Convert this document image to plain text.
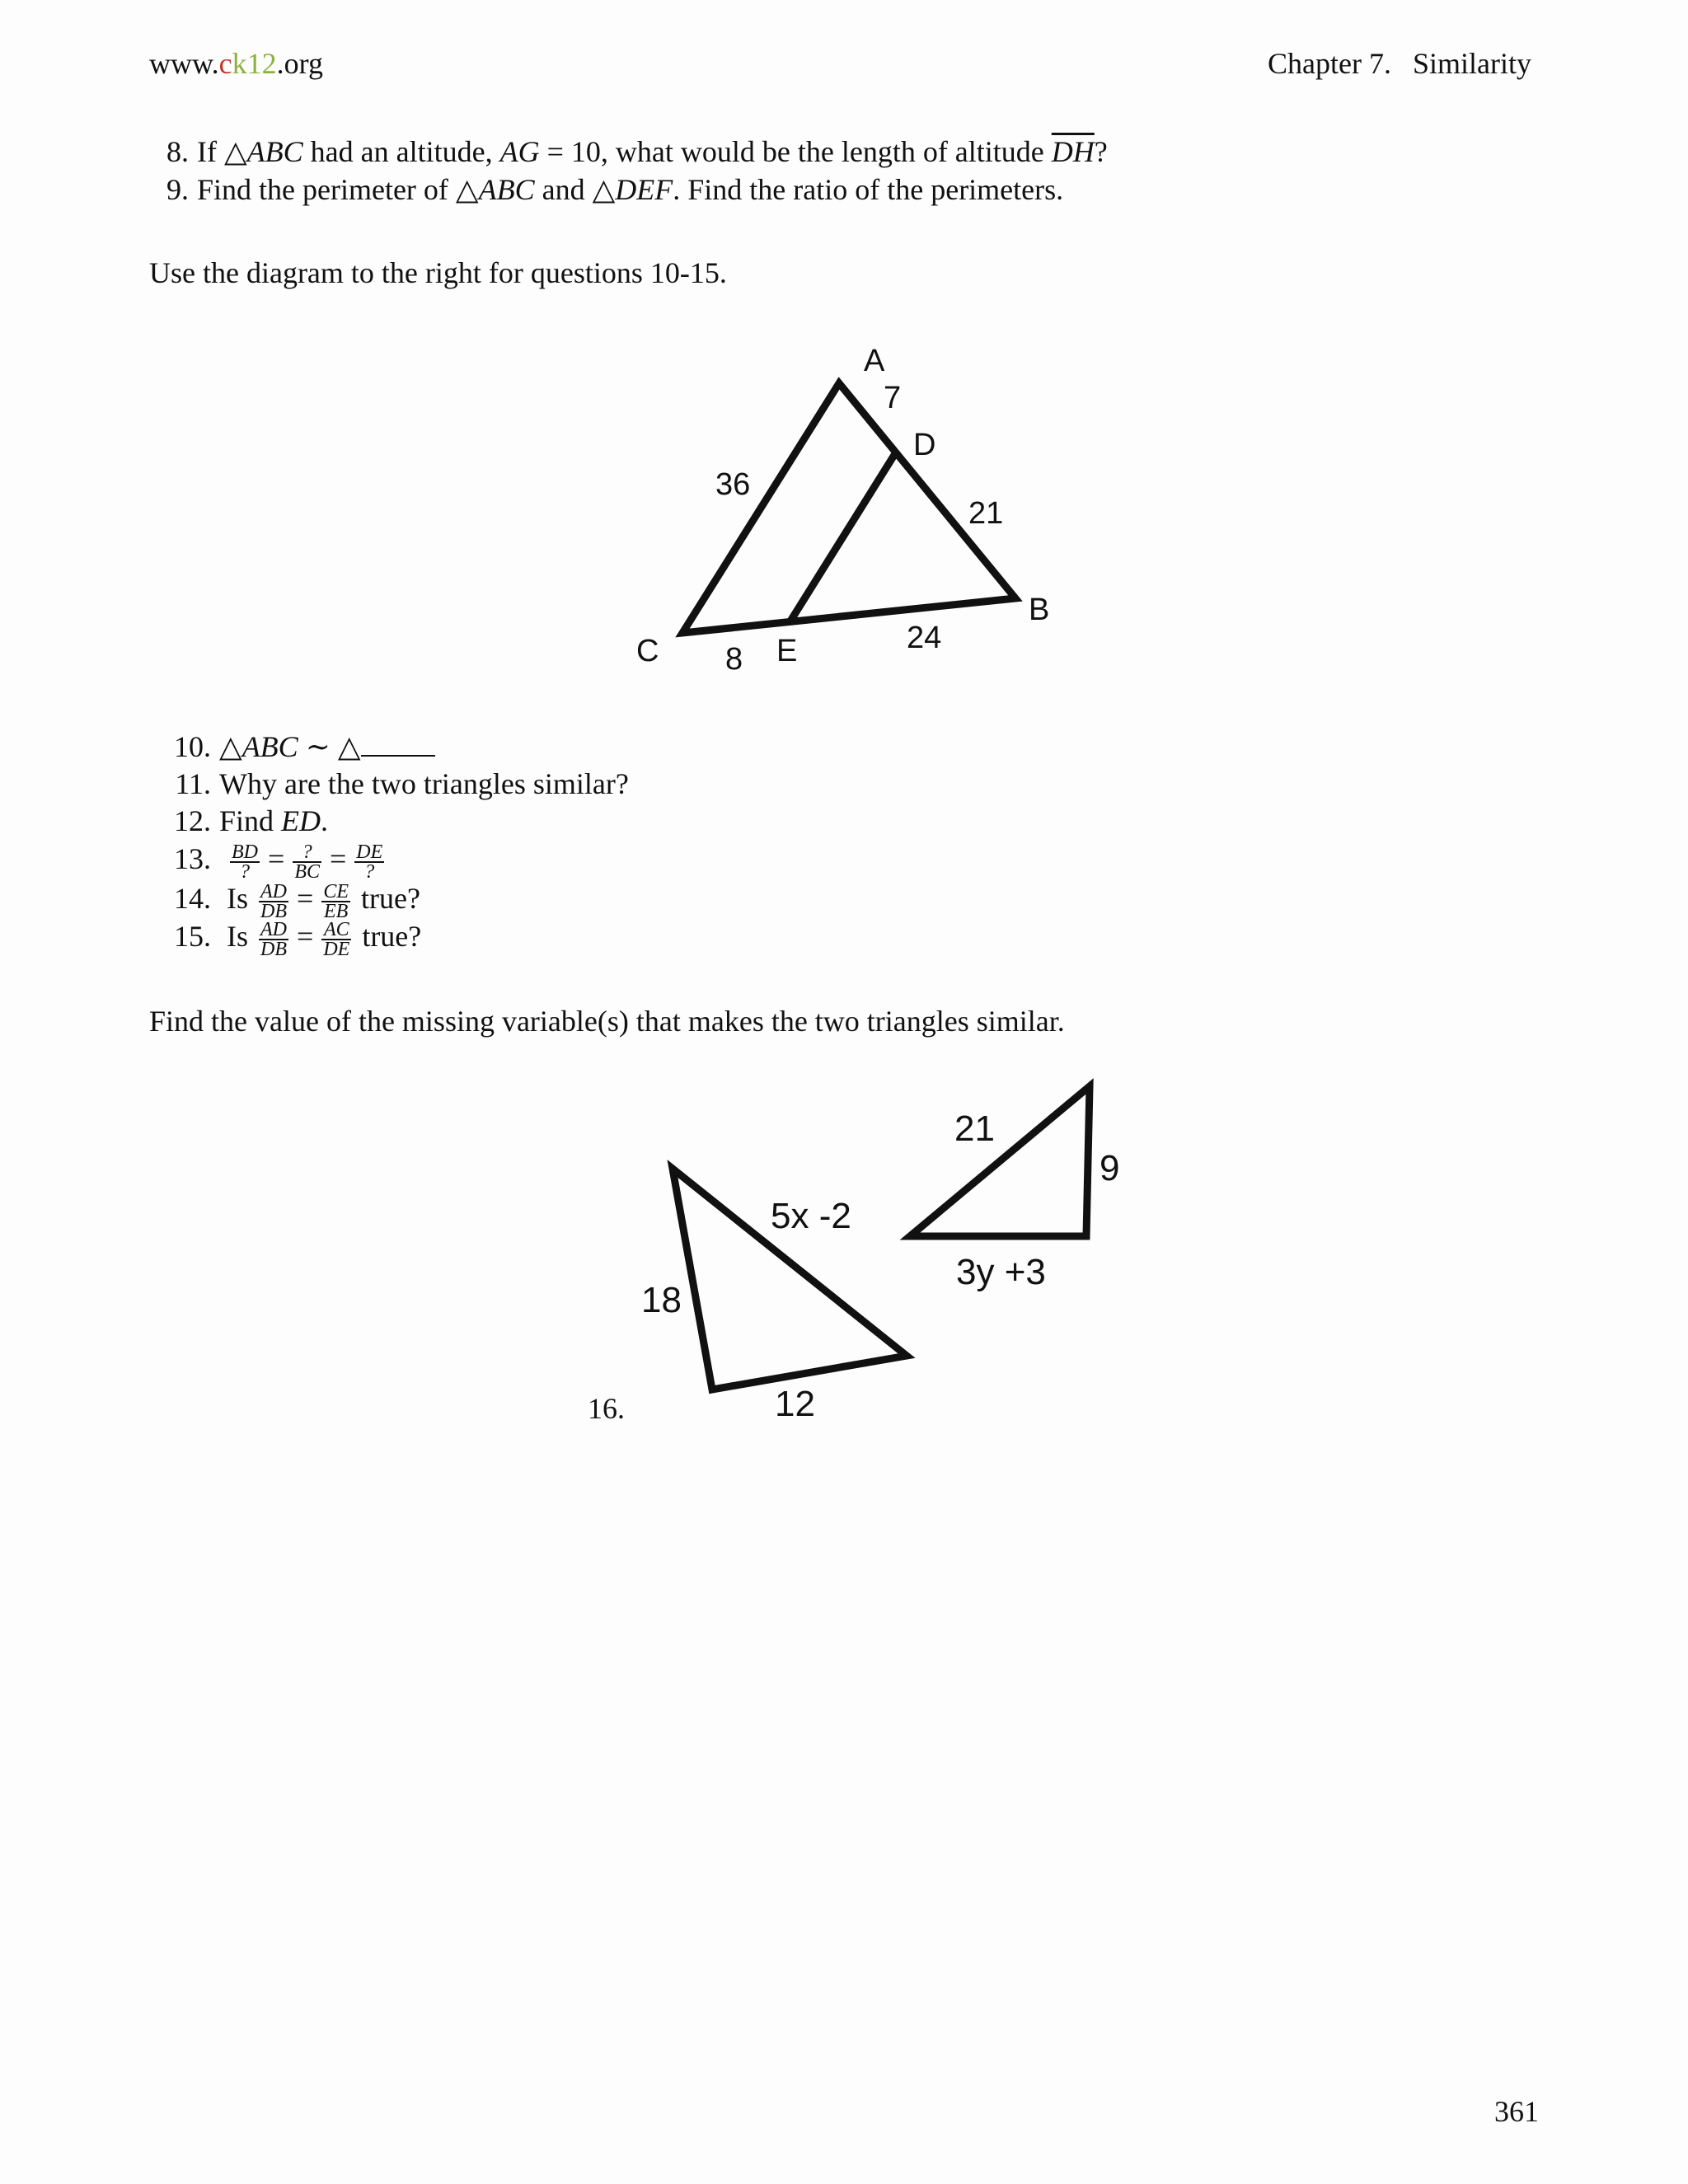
www.ck12.org	Chapter 7. Similarity
8. If △ABC had an altitude, AG = 10, what would be the length of altitude $\overline{DH}$?
9. Find the perimeter of △ABC and △DEF. Find the ratio of the perimeters.
Use the diagram to the right for questions 10-15.
A
7
D
36
21
B
24
C 8 E
10. △ABC ∼ △
11. Why are the two triangles similar?
12. Find ED.
13. $\frac{BD}{?} = \frac{?}{BC} = \frac{DE}{?}$
14. Is $\frac{AD}{DB} = \frac{CE}{EB}$ true?
15. Is $\frac{AD}{DB} = \frac{AC}{DE}$ true?
Find the value of the missing variable(s) that makes the two triangles similar.
16.
18
12
5x -2
21
9
3y +3
361
